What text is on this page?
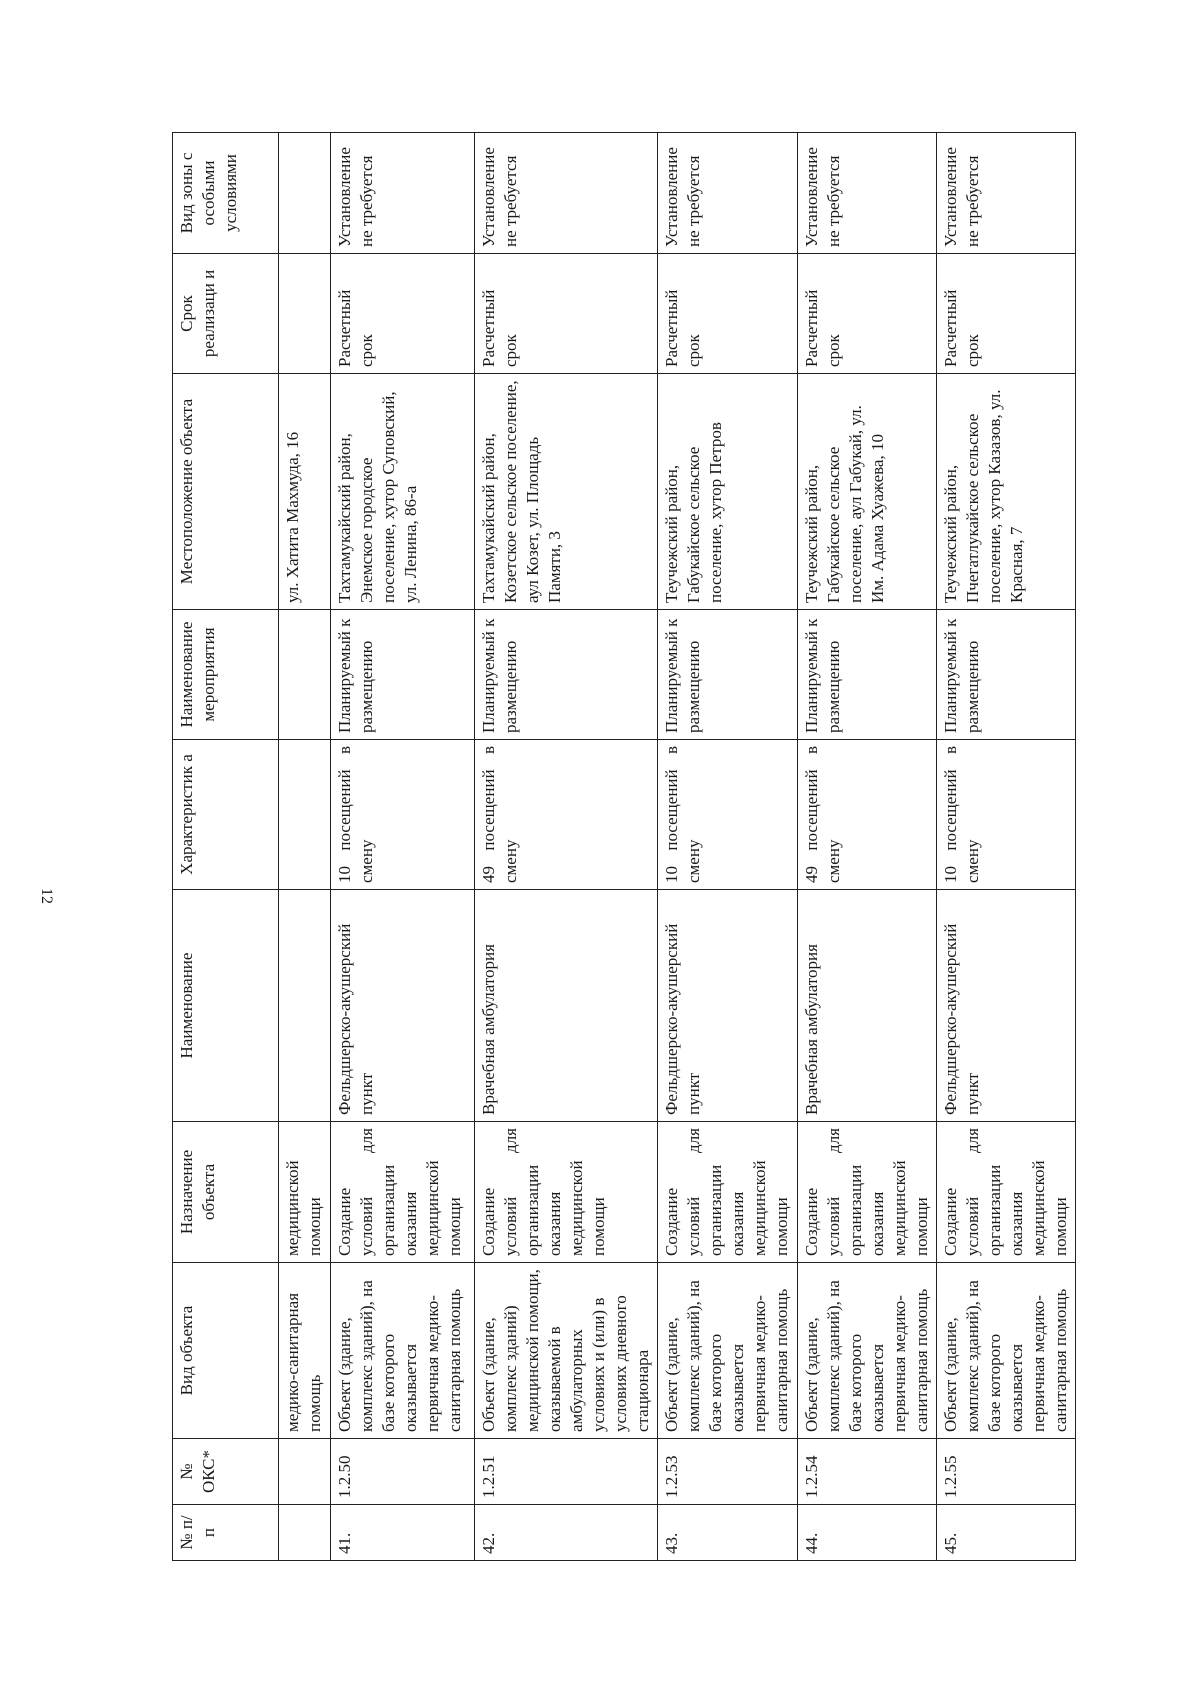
12
№ п/п	№ ОКС*	Вид объекта	Назначение объекта	Наименование	Характеристик а	Наименование мероприятия	Местоположение объекта	Срок реализаци и	Вид зоны с особыми условиями
		медико-санитарная помощь	медицинской помощи				ул. Хатита Махмуда, 16		
41.	1.2.50	Объект (здание, комплекс зданий), на базе которого оказывается первичная медико-санитарная помощь	Создание условий для организации оказания медицинской помощи	Фельдшерско-акушерский пункт	10 посещений в смену	Планируемый к размещению	Тахтамукайский район, Энемское городское поселение, хутор Суповский, ул. Ленина, 86-а	Расчетный срок	Установление не требуется
42.	1.2.51	Объект (здание, комплекс зданий) медицинской помощи, оказываемой в амбулаторных условиях и (или) в условиях дневного стационара	Создание условий для организации оказания медицинской помощи	Врачебная амбулатория	49 посещений в смену	Планируемый к размещению	Тахтамукайский район, Козетское сельское поселение, аул Козет, ул. Площадь Памяти, 3	Расчетный срок	Установление не требуется
43.	1.2.53	Объект (здание, комплекс зданий), на базе которого оказывается первичная медико-санитарная помощь	Создание условий для организации оказания медицинской помощи	Фельдшерско-акушерский пункт	10 посещений в смену	Планируемый к размещению	Теучежский район, Габукайское сельское поселение, хутор Петров	Расчетный срок	Установление не требуется
44.	1.2.54	Объект (здание, комплекс зданий), на базе которого оказывается первичная медико-санитарная помощь	Создание условий для организации оказания медицинской помощи	Врачебная амбулатория	49 посещений в смену	Планируемый к размещению	Теучежский район, Габукайское сельское поселение, аул Габукай, ул. Им. Адама Хуажева, 10	Расчетный срок	Установление не требуется
45.	1.2.55	Объект (здание, комплекс зданий), на базе которого оказывается первичная медико-санитарная помощь	Создание условий для организации оказания медицинской помощи	Фельдшерско-акушерский пункт	10 посещений в смену	Планируемый к размещению	Теучежский район, Пчегатлукайское сельское поселение, хутор Казазов, ул. Красная, 7	Расчетный срок	Установление не требуется
